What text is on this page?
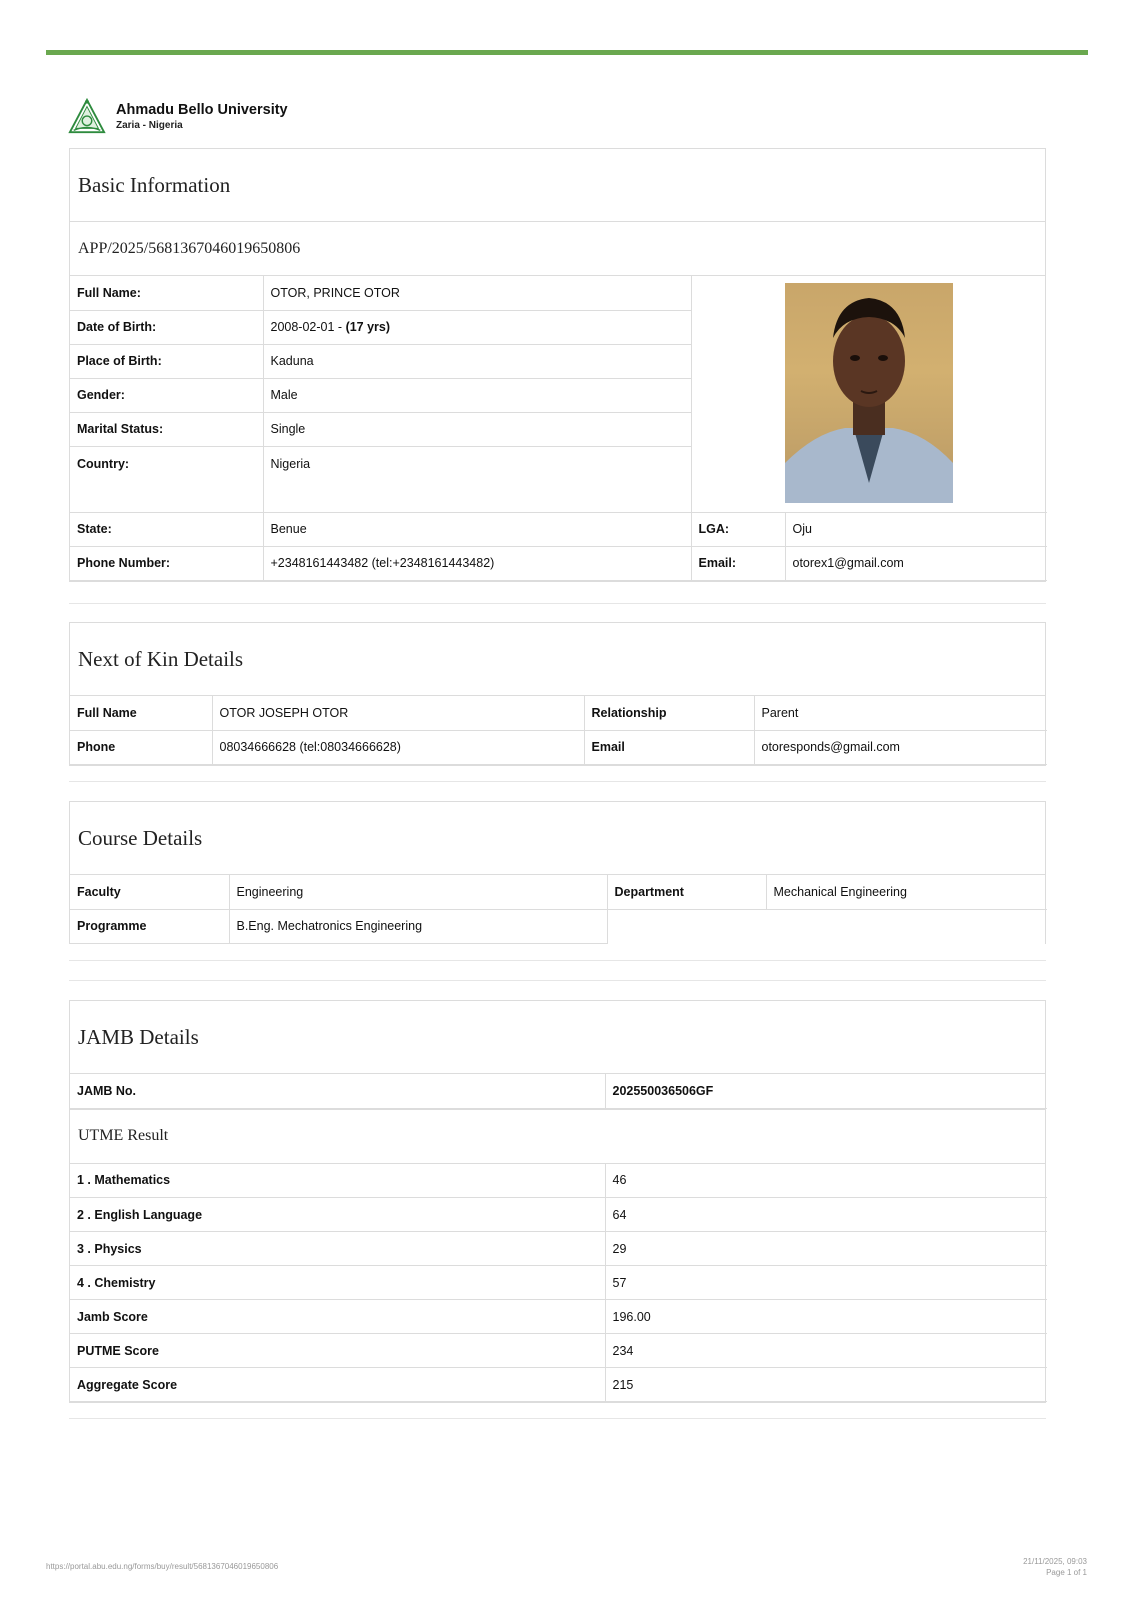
Ahmadu Bello University
Zaria - Nigeria
Basic Information
APP/2025/5681367046019650806
Full Name:	OTOR, PRINCE OTOR	

Date of Birth:	2008-02-01 - (17 yrs)		
Place of Birth:	Kaduna		
Gender:	Male		
Marital Status:	Single		
Country:	Nigeria		
State:	Benue	LGA:	Oju
Phone Number:	+2348161443482 (tel:+2348161443482)	Email:	otorex1@gmail.com
Next of Kin Details
Full Name	OTOR JOSEPH OTOR	Relationship	Parent
Phone	08034666628 (tel:08034666628)	Email	otoresponds@gmail.com
Course Details
Faculty	Engineering	Department	Mechanical Engineering
Programme	B.Eng. Mechatronics Engineering		
JAMB Details
JAMB No.	202550036506GF
UTME Result
1 . Mathematics	46
2 . English Language	64
3 . Physics	29
4 . Chemistry	57
Jamb Score	196.00
PUTME Score	234
Aggregate Score	215
https://portal.abu.edu.ng/forms/buy/result/5681367046019650806
21/11/2025, 09:03
Page 1 of 1
